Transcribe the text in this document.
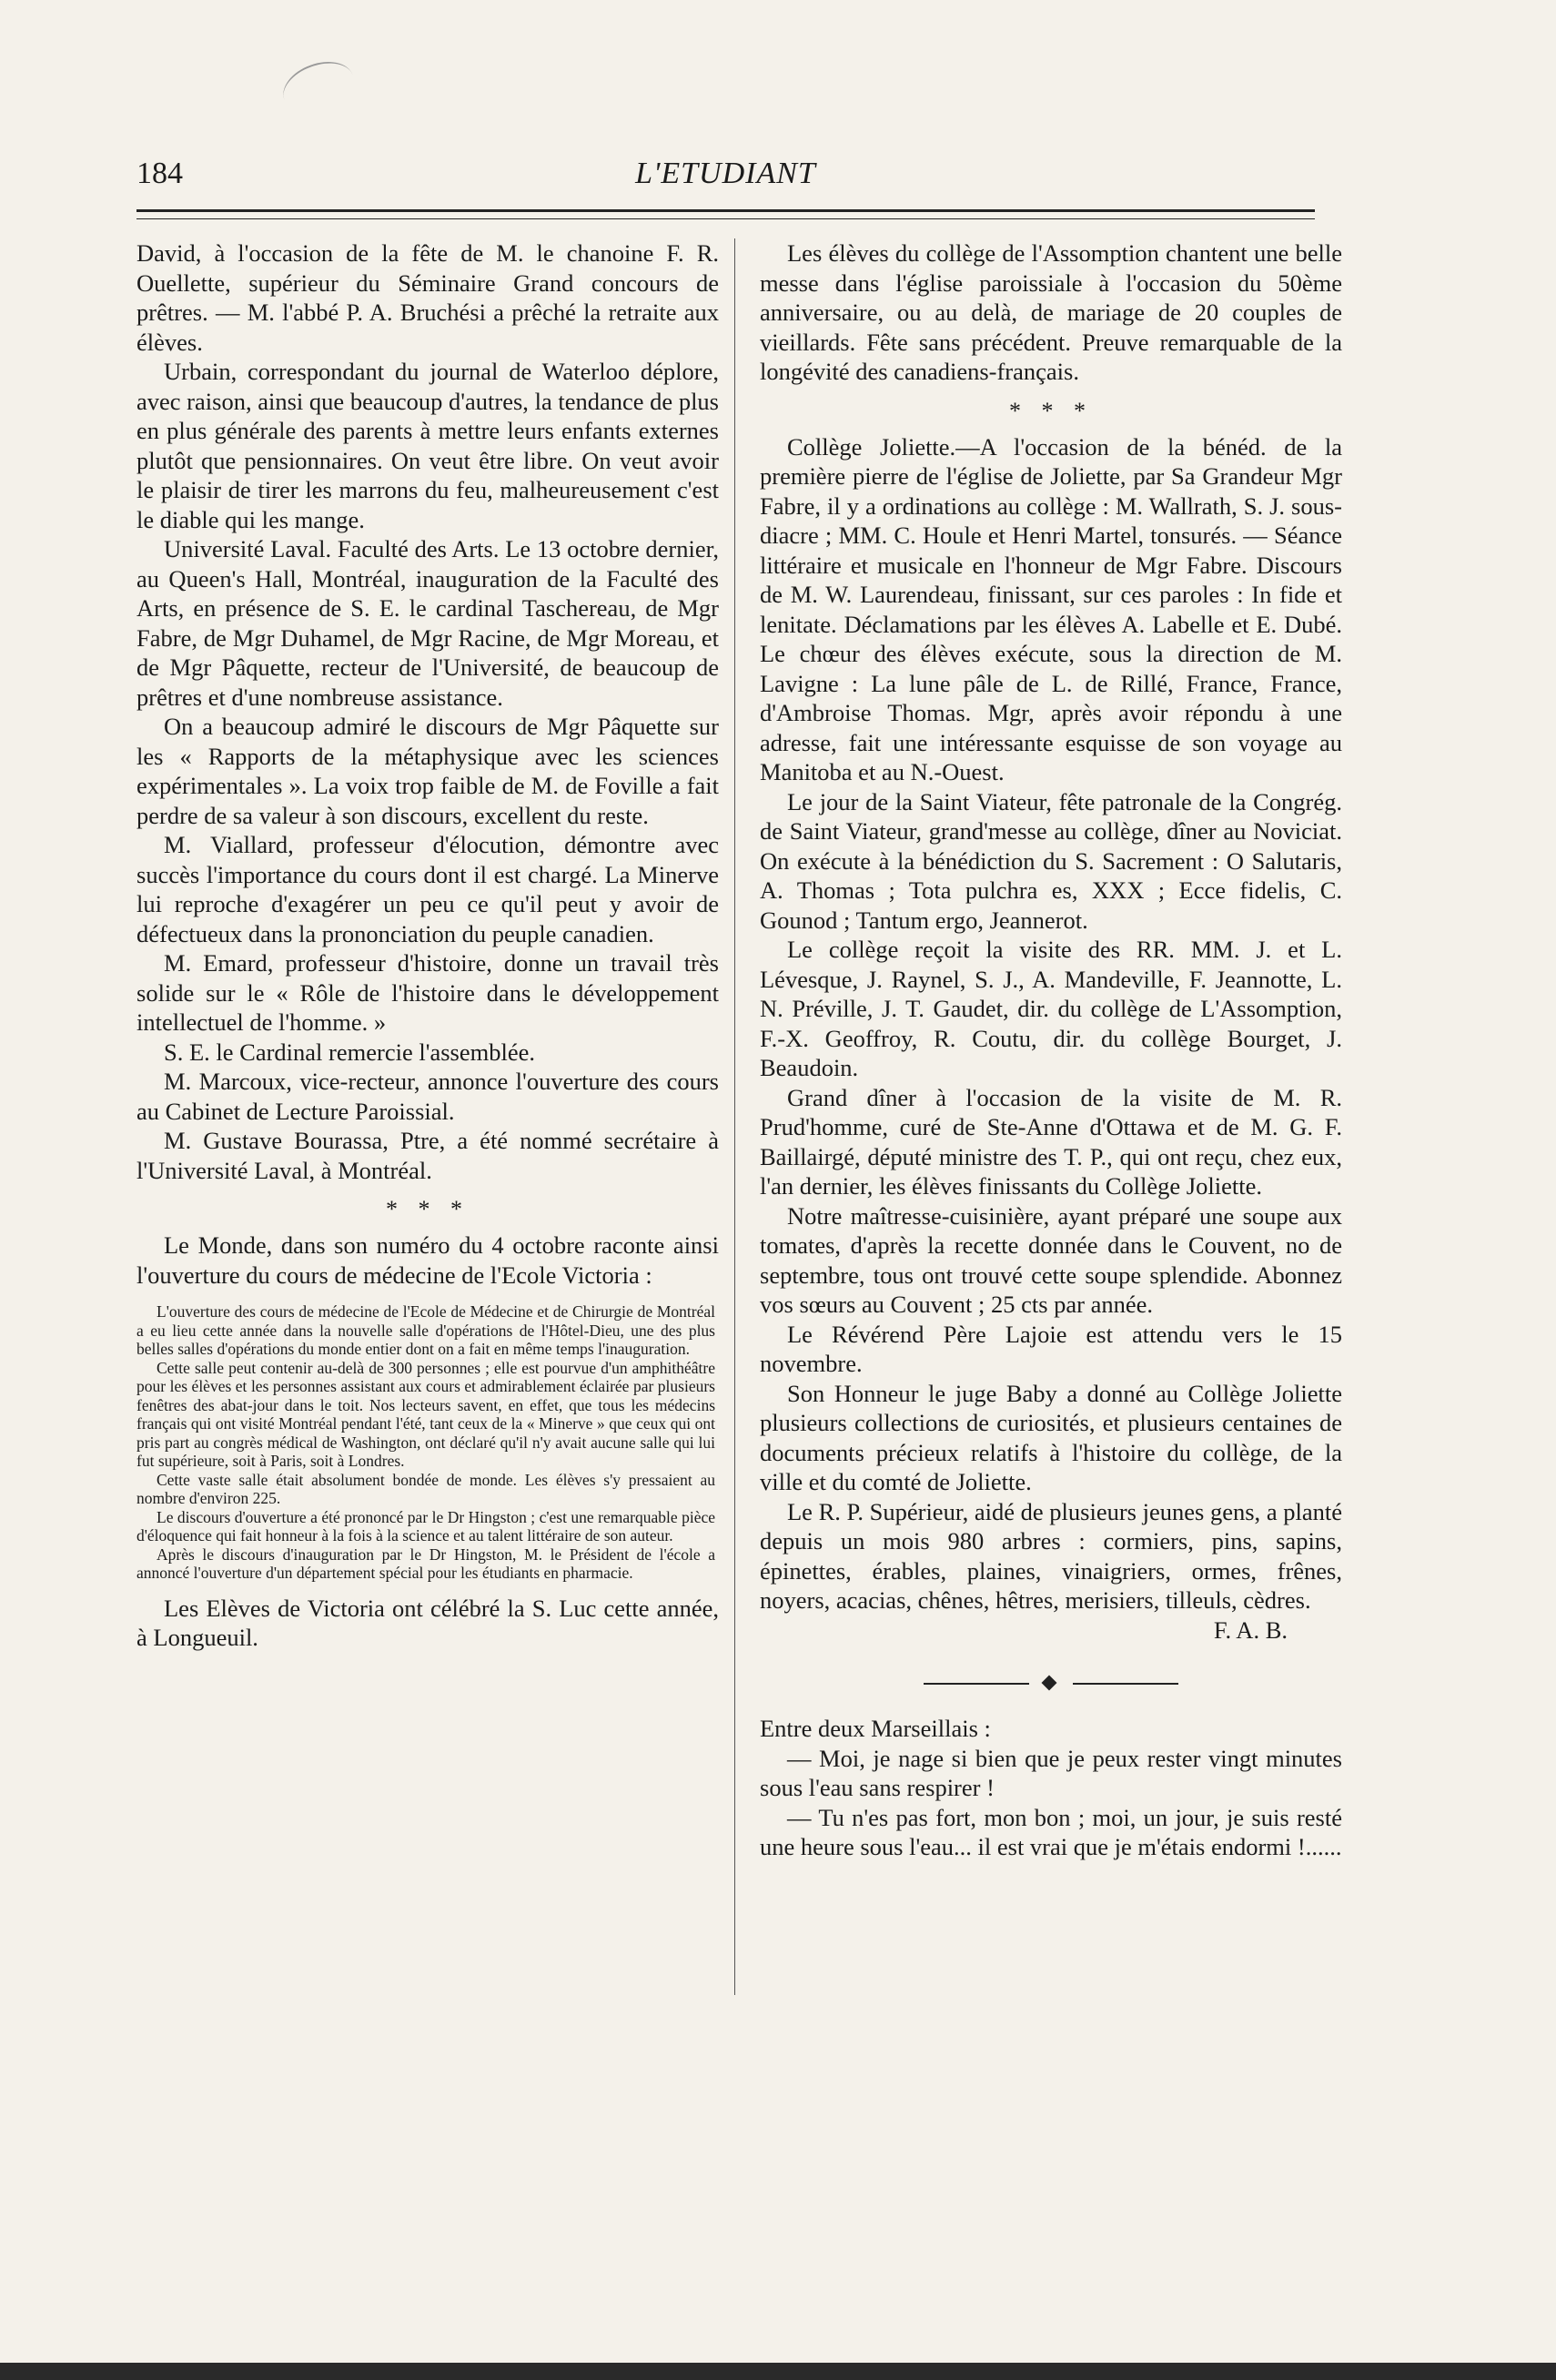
184	L'ETUDIANT

David, à l'occasion de la fête de M. le chanoine F. R. Ouellette, supérieur du Séminaire Grand concours de prêtres. — M. l'abbé P. A. Bruchési a prêché la retraite aux élèves.

Urbain, correspondant du journal de Waterloo déplore, avec raison, ainsi que beaucoup d'autres, la tendance de plus en plus générale des parents à mettre leurs enfants externes plutôt que pensionnaires. On veut être libre. On veut avoir le plaisir de tirer les marrons du feu, malheureusement c'est le diable qui les mange.

Université Laval. Faculté des Arts. Le 13 octobre dernier, au Queen's Hall, Montréal, inauguration de la Faculté des Arts, en présence de S. E. le cardinal Taschereau, de Mgr Fabre, de Mgr Duhamel, de Mgr Racine, de Mgr Moreau, et de Mgr Pâquette, recteur de l'Université, de beaucoup de prêtres et d'une nombreuse assistance.

On a beaucoup admiré le discours de Mgr Pâquette sur les « Rapports de la métaphysique avec les sciences expérimentales ». La voix trop faible de M. de Foville a fait perdre de sa valeur à son discours, excellent du reste.

M. Viallard, professeur d'élocution, démontre avec succès l'importance du cours dont il est chargé. La Minerve lui reproche d'exagérer un peu ce qu'il peut y avoir de défectueux dans la prononciation du peuple canadien.

M. Emard, professeur d'histoire, donne un travail très solide sur le « Rôle de l'histoire dans le développement intellectuel de l'homme. »

S. E. le Cardinal remercie l'assemblée.

M. Marcoux, vice-recteur, annonce l'ouverture des cours au Cabinet de Lecture Paroissial.

M. Gustave Bourassa, Ptre, a été nommé secrétaire à l'Université Laval, à Montréal.

* * *

Le Monde, dans son numéro du 4 octobre raconte ainsi l'ouverture du cours de médecine de l'Ecole Victoria :

L'ouverture des cours de médecine de l'Ecole de Médecine et de Chirurgie de Montréal a eu lieu cette année dans la nouvelle salle d'opérations de l'Hôtel-Dieu, une des plus belles salles d'opérations du monde entier dont on a fait en même temps l'inauguration.

Cette salle peut contenir au-delà de 300 personnes ; elle est pourvue d'un amphithéâtre pour les élèves et les personnes assistant aux cours et admirablement éclairée par plusieurs fenêtres des abat-jour dans le toit. Nos lecteurs savent, en effet, que tous les médecins français qui ont visité Montréal pendant l'été, tant ceux de la « Minerve » que ceux qui ont pris part au congrès médical de Washington, ont déclaré qu'il n'y avait aucune salle qui lui fut supérieure, soit à Paris, soit à Londres.

Cette vaste salle était absolument bondée de monde. Les élèves s'y pressaient au nombre d'environ 225.

Le discours d'ouverture a été prononcé par le Dr Hingston ; c'est une remarquable pièce d'éloquence qui fait honneur à la fois à la science et au talent littéraire de son auteur.

Après le discours d'inauguration par le Dr Hingston, M. le Président de l'école a annoncé l'ouverture d'un département spécial pour les étudiants en pharmacie.

Les Elèves de Victoria ont célébré la S. Luc cette année, à Longueuil.

Les élèves du collège de l'Assomption chantent une belle messe dans l'église paroissiale à l'occasion du 50ème anniversaire, ou au delà, de mariage de 20 couples de vieillards. Fête sans précédent. Preuve remarquable de la longévité des canadiens-français.

* * *

Collège Joliette.—A l'occasion de la bénéd. de la première pierre de l'église de Joliette, par Sa Grandeur Mgr Fabre, il y a ordinations au collège : M. Wallrath, S. J. sous-diacre ; MM. C. Houle et Henri Martel, tonsurés. — Séance littéraire et musicale en l'honneur de Mgr Fabre. Discours de M. W. Laurendeau, finissant, sur ces paroles : In fide et lenitate. Déclamations par les élèves A. Labelle et E. Dubé. Le chœur des élèves exécute, sous la direction de M. Lavigne : La lune pâle de L. de Rillé, France, France, d'Ambroise Thomas. Mgr, après avoir répondu à une adresse, fait une intéressante esquisse de son voyage au Manitoba et au N.-Ouest.

Le jour de la Saint Viateur, fête patronale de la Congrég. de Saint Viateur, grand'messe au collège, dîner au Noviciat. On exécute à la bénédiction du S. Sacrement : O Salutaris, A. Thomas ; Tota pulchra es, XXX ; Ecce fidelis, C. Gounod ; Tantum ergo, Jeannerot.

Le collège reçoit la visite des RR. MM. J. et L. Lévesque, J. Raynel, S. J., A. Mandeville, F. Jeannotte, L. N. Préville, J. T. Gaudet, dir. du collège de L'Assomption, F.-X. Geoffroy, R. Coutu, dir. du collège Bourget, J. Beaudoin.

Grand dîner à l'occasion de la visite de M. R. Prud'homme, curé de Ste-Anne d'Ottawa et de M. G. F. Baillairgé, député ministre des T. P., qui ont reçu, chez eux, l'an dernier, les élèves finissants du Collège Joliette.

Notre maîtresse-cuisinière, ayant préparé une soupe aux tomates, d'après la recette donnée dans le Couvent, no de septembre, tous ont trouvé cette soupe splendide. Abonnez vos sœurs au Couvent ; 25 cts par année.

Le Révérend Père Lajoie est attendu vers le 15 novembre.

Son Honneur le juge Baby a donné au Collège Joliette plusieurs collections de curiosités, et plusieurs centaines de documents précieux relatifs à l'histoire du collège, de la ville et du comté de Joliette.

Le R. P. Supérieur, aidé de plusieurs jeunes gens, a planté depuis un mois 980 arbres : cormiers, pins, sapins, épinettes, érables, plaines, vinaigriers, ormes, frênes, noyers, acacias, chênes, hêtres, merisiers, tilleuls, cèdres.

F. A. B.

Entre deux Marseillais :

— Moi, je nage si bien que je peux rester vingt minutes sous l'eau sans respirer !

— Tu n'es pas fort, mon bon ; moi, un jour, je suis resté une heure sous l'eau... il est vrai que je m'étais endormi !......
